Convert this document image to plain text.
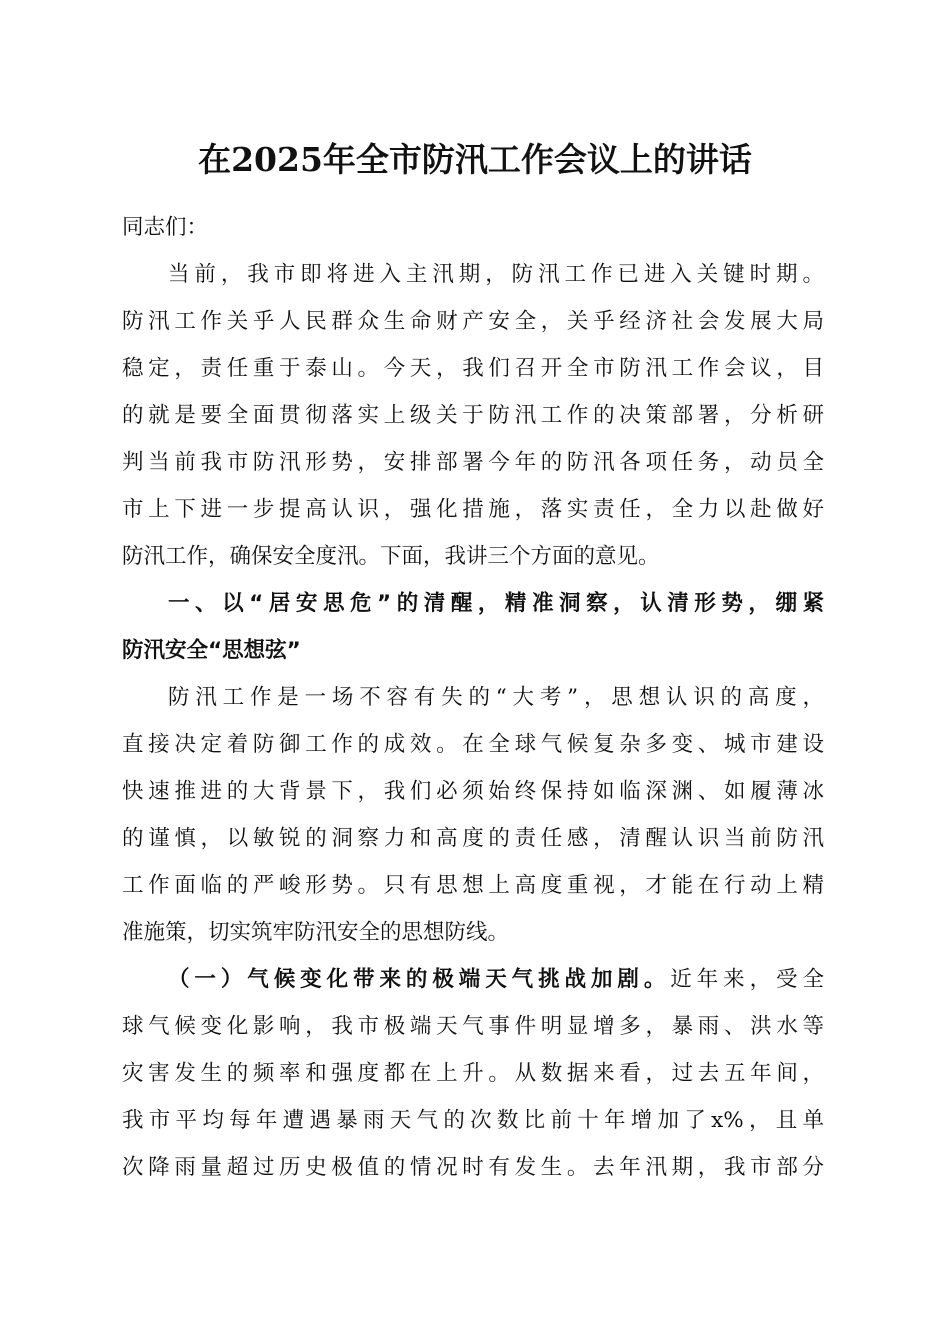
在2025年全市防汛工作会议上的讲话
同志们：
当前，我市即将进入主汛期，防汛工作已进入关键时期。
防汛工作关乎人民群众生命财产安全，关乎经济社会发展大局
稳定，责任重于泰山。今天，我们召开全市防汛工作会议，目
的就是要全面贯彻落实上级关于防汛工作的决策部署，分析研
判当前我市防汛形势，安排部署今年的防汛各项任务，动员全
市上下进一步提高认识，强化措施，落实责任，全力以赴做好
防汛工作，确保安全度汛。下面，我讲三个方面的意见。
一、以“居安思危”的清醒，精准洞察，认清形势，绷紧
防汛安全“思想弦”
防汛工作是一场不容有失的“大考”，思想认识的高度，
直接决定着防御工作的成效。在全球气候复杂多变、城市建设
快速推进的大背景下，我们必须始终保持如临深渊、如履薄冰
的谨慎，以敏锐的洞察力和高度的责任感，清醒认识当前防汛
工作面临的严峻形势。只有思想上高度重视，才能在行动上精
准施策，切实筑牢防汛安全的思想防线。
（一）气候变化带来的极端天气挑战加剧。近年来，受全
球气候变化影响，我市极端天气事件明显增多，暴雨、洪水等
灾害发生的频率和强度都在上升。从数据来看，过去五年间，
我市平均每年遭遇暴雨天气的次数比前十年增加了x%，且单
次降雨量超过历史极值的情况时有发生。去年汛期，我市部分
